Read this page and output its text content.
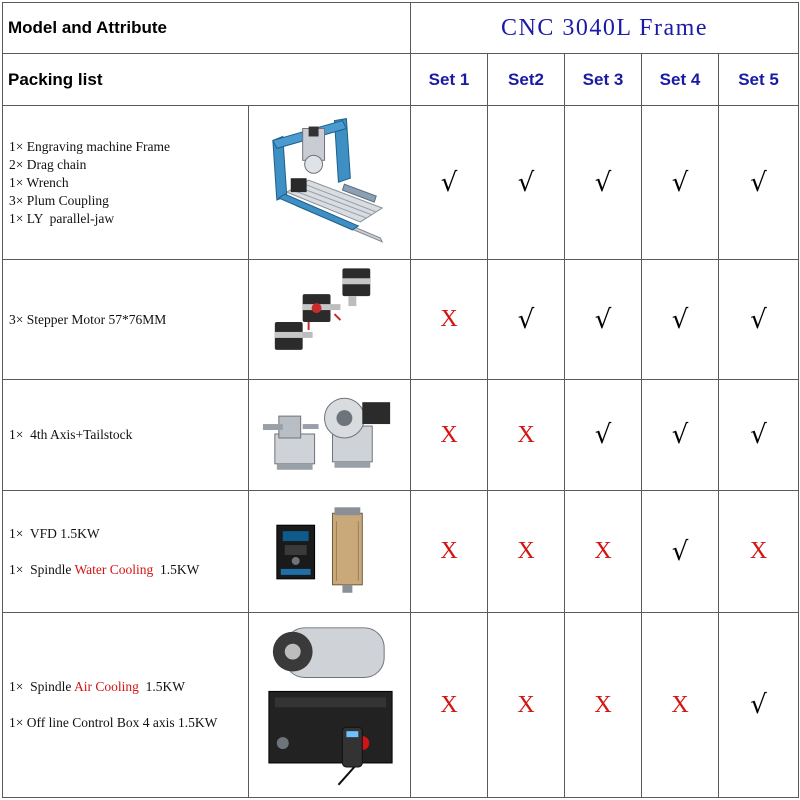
Model and Attribute		CNC 3040L Frame				
Packing list		Set 1	Set2	Set 3	Set 4	Set 5

1× Engraving machine Frame
2× Drag chain
1× Wrench
3× Plum Coupling
1× LY  parallel-jaw		√	√	√	√	√

3× Stepper Motor 57*76MM		X	√	√	√	√

1×  4th Axis+Tailstock		X	X	√	√	√

1×  VFD 1.5KW
1×  Spindle Water Cooling  1.5KW		X	X	X	√	X

1×  Spindle Air Cooling  1.5KW
1× Off line Control Box 4 axis 1.5KW		X	X	X	X	√
